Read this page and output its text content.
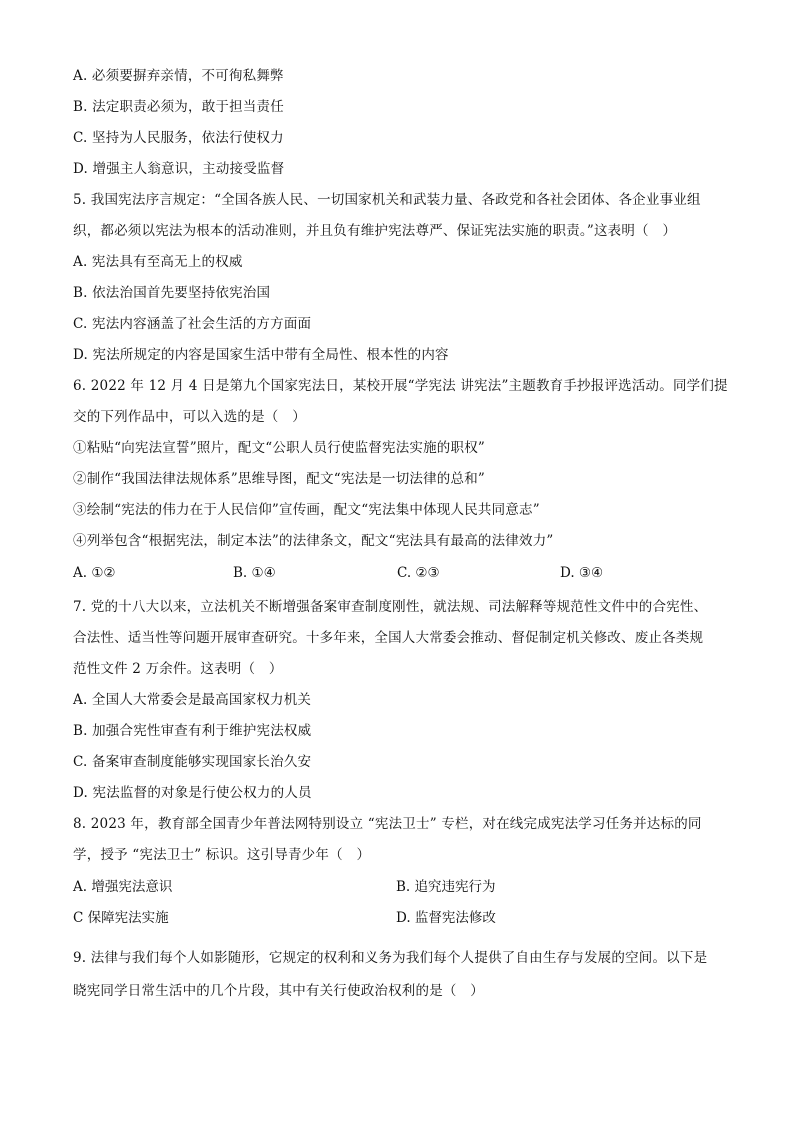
A. 必须要摒弃亲情，不可徇私舞弊
B. 法定职责必须为，敢于担当责任
C. 坚持为人民服务，依法行使权力
D. 增强主人翁意识，主动接受监督
5. 我国宪法序言规定：“全国各族人民、一切国家机关和武装力量、各政党和各社会团体、各企业事业组
织，都必须以宪法为根本的活动准则，并且负有维护宪法尊严、保证宪法实施的职责。”这表明（　）
A. 宪法具有至高无上的权威
B. 依法治国首先要坚持依宪治国
C. 宪法内容涵盖了社会生活的方方面面
D. 宪法所规定的内容是国家生活中带有全局性、根本性的内容
6. 2022 年 12 月 4 日是第九个国家宪法日，某校开展“学宪法 讲宪法”主题教育手抄报评选活动。同学们提
交的下列作品中，可以入选的是（　）
①粘贴“向宪法宣誓”照片，配文“公职人员行使监督宪法实施的职权”
②制作“我国法律法规体系”思维导图，配文“宪法是一切法律的总和”
③绘制“宪法的伟力在于人民信仰”宣传画，配文“宪法集中体现人民共同意志”
④列举包含“根据宪法，制定本法”的法律条文，配文“宪法具有最高的法律效力”
A. ①②	B. ①④	C. ②③	D. ③④
7. 党的十八大以来，立法机关不断增强备案审查制度刚性，就法规、司法解释等规范性文件中的合宪性、
合法性、适当性等问题开展审查研究。十多年来，全国人大常委会推动、督促制定机关修改、废止各类规
范性文件 2 万余件。这表明（　）
A. 全国人大常委会是最高国家权力机关
B. 加强合宪性审查有利于维护宪法权威
C. 备案审查制度能够实现国家长治久安
D. 宪法监督的对象是行使公权力的人员
8. 2023 年，教育部全国青少年普法网特别设立 “宪法卫士” 专栏，对在线完成宪法学习任务并达标的同
学，授予 “宪法卫士” 标识。这引导青少年（　）
A. 增强宪法意识	B. 追究违宪行为
C 保障宪法实施	D. 监督宪法修改
9. 法律与我们每个人如影随形，它规定的权利和义务为我们每个人提供了自由生存与发展的空间。以下是
晓宪同学日常生活中的几个片段，其中有关行使政治权利的是（　）
